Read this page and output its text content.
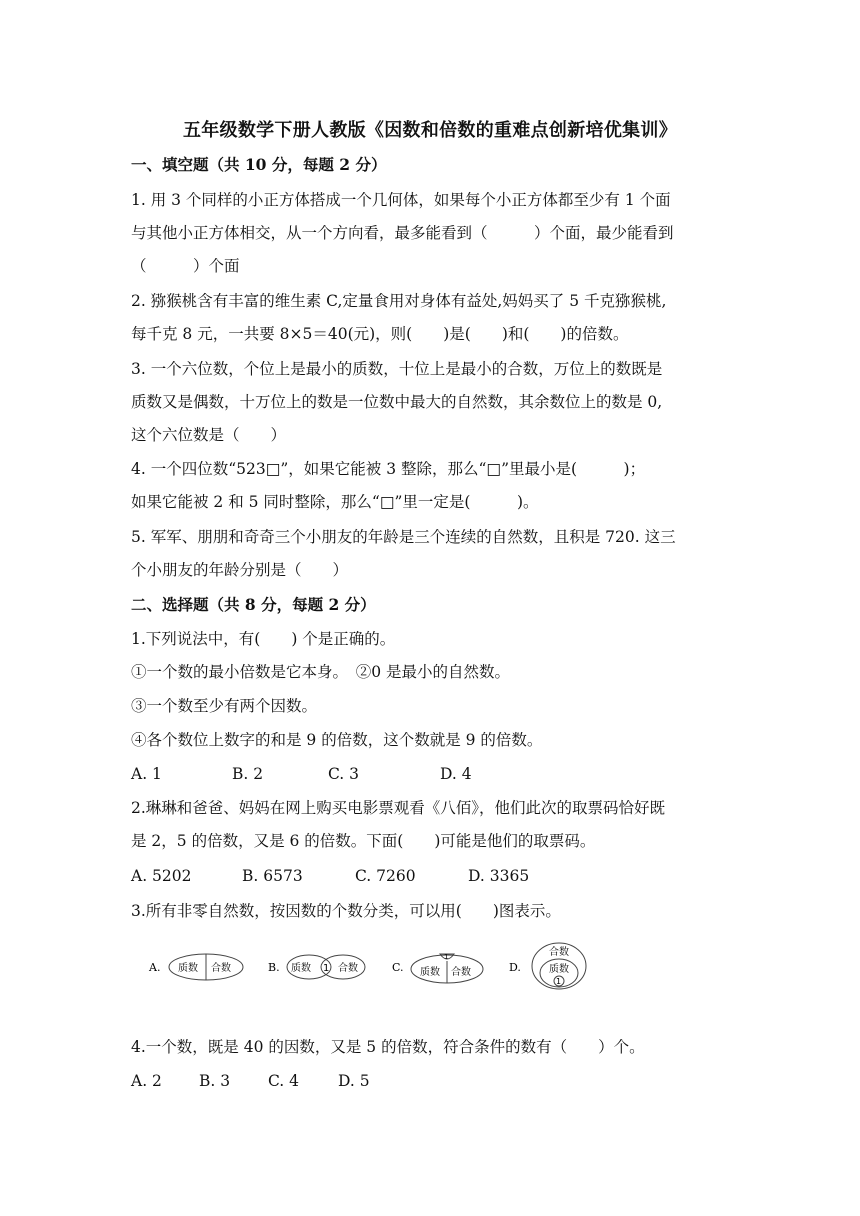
五年级数学下册人教版《因数和倍数的重难点创新培优集训》
一、填空题（共 10 分，每题 2 分）
1. 用 3 个同样的小正方体搭成一个几何体，如果每个小正方体都至少有 1 个面
与其他小正方体相交，从一个方向看，最多能看到（　　　）个面，最少能看到
（　　　）个面
2. 猕猴桃含有丰富的维生素 C,定量食用对身体有益处,妈妈买了 5 千克猕猴桃,
每千克 8 元，一共要 8×5＝40(元)，则(　　)是(　　)和(　　)的倍数。
3. 一个六位数，个位上是最小的质数，十位上是最小的合数，万位上的数既是
质数又是偶数，十万位上的数是一位数中最大的自然数，其余数位上的数是 0,
这个六位数是（　　）
4. 一个四位数“523□”，如果它能被 3 整除，那么“□”里最小是(　　　)；
如果它能被 2 和 5 同时整除，那么“□”里一定是(　　　)。
5. 军军、朋朋和奇奇三个小朋友的年龄是三个连续的自然数，且积是 720. 这三
个小朋友的年龄分别是（　　）
二、选择题（共 8 分，每题 2 分）
1.下列说法中，有(　　) 个是正确的。
①一个数的最小倍数是它本身。　②0 是最小的自然数。
③一个数至少有两个因数。
④各个数位上数字的和是 9 的倍数，这个数就是 9 的倍数。
A. 1	B. 2	C. 3	D. 4
2.琳琳和爸爸、妈妈在网上购买电影票观看《八佰》，他们此次的取票码恰好既
是 2，5 的倍数，又是 6 的倍数。下面(　　)可能是他们的取票码。
A. 5202	B. 6573	C. 7260	D. 3365
3.所有非零自然数，按因数的个数分类，可以用(　　)图表示。
A. 质数 合数	B. 质数 1 合数	C.
1
质数 合数	D.
合数
质数
1
4.一个数，既是 40 的因数，又是 5 的倍数，符合条件的数有（　　）个。
A. 2 B. 3 C. 4	D. 5
